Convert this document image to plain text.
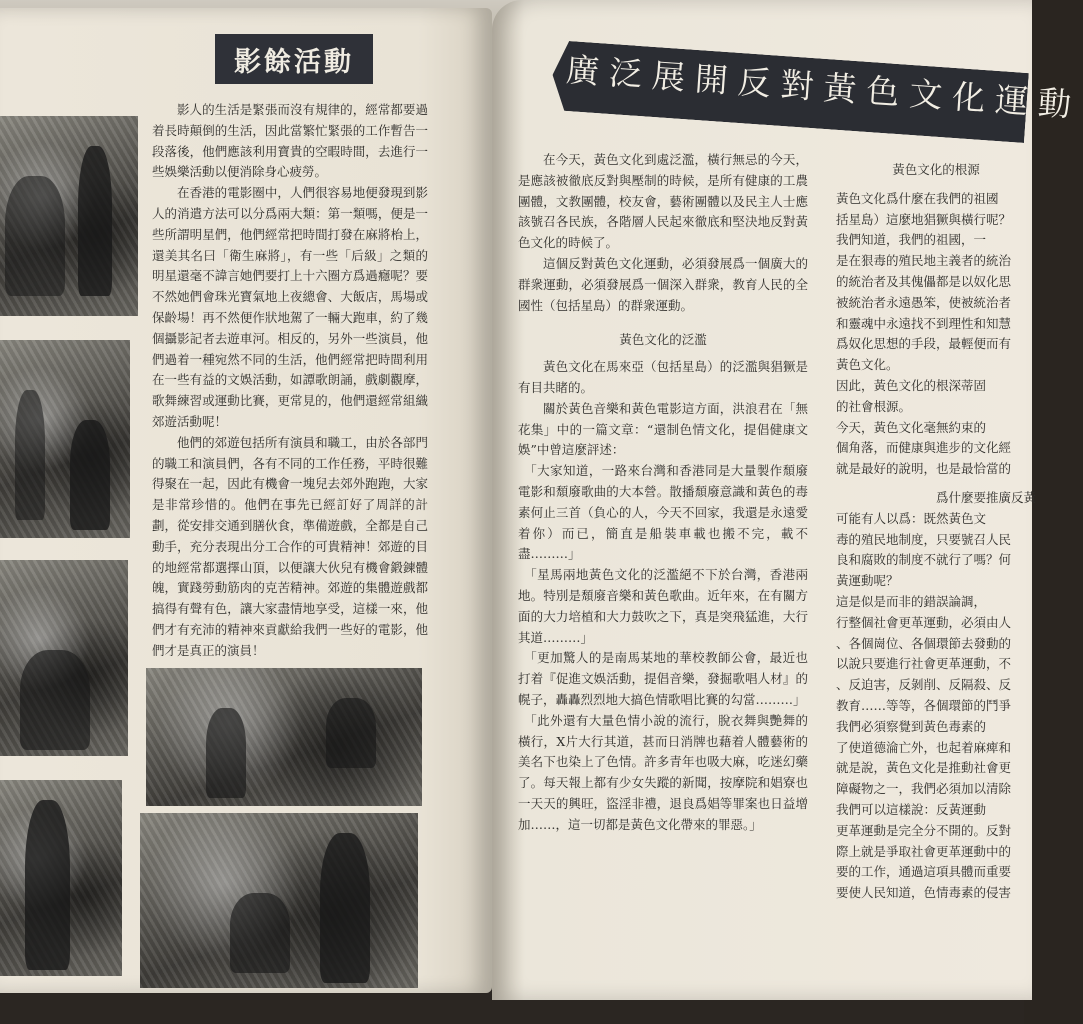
影餘活動

影人的生活是緊張而沒有規律的，經常都要過着長時顛倒的生活，因此當繁忙緊張的工作暫告一段落後，他們應該利用寶貴的空暇時間，去進行一些娛樂活動以便消除身心疲勞。

在香港的電影圈中，人們很容易地便發現到影人的消遣方法可以分爲兩大類：第一類嗎，便是一些所謂明星們，他們經常把時間打發在麻將枱上，還美其名曰「衛生麻將」，有一些「后級」之類的明星還毫不諱言她們要打上十六圈方爲過癮呢？要不然她們會珠光寶氣地上夜總會、大飯店，馬場或保齡場！再不然便作狀地駕了一輛大跑車，約了幾個攝影記者去遊車河。相反的，另外一些演員，他們過着一種宛然不同的生活，他們經常把時間利用在一些有益的文娛活動，如譚歌朗誦，戲劇觀摩，歌舞練習或運動比賽，更常見的，他們還經常組織郊遊活動呢！

他們的郊遊包括所有演員和職工，由於各部門的職工和演員們，各有不同的工作任務，平時很難得聚在一起，因此有機會一塊兒去郊外跑跑，大家是非常珍惜的。他們在事先已經訂好了周詳的計劃，從安排交通到膳伙食，準備遊戲，全都是自己動手，充分表現出分工合作的可貴精神！郊遊的目的地經常都選擇山頂，以便讓大伙兒有機會鍛鍊體魄，實踐勞動筋肉的克苦精神。郊遊的集體遊戲都搞得有聲有色，讓大家盡情地享受，這樣一來，他們才有充沛的精神來貢獻給我們一些好的電影，他們才是真正的演員！

廣泛展開反對黃色文化運動

在今天，黃色文化到處泛濫，橫行無忌的今天，是應該被徹底反對與壓制的時候，是所有健康的工農團體，文教團體，校友會，藝術團體以及民主人士應該號召各民族，各階層人民起來徹底和堅決地反對黃色文化的時候了。

這個反對黃色文化運動，必須發展爲一個廣大的群衆運動，必須發展爲一個深入群衆，教育人民的全國性（包括星島）的群衆運動。

黃色文化的泛濫

黃色文化在馬來亞（包括星島）的泛濫與猖獗是有目共睹的。

關於黃色音樂和黃色電影這方面，洪浪君在「無花集」中的一篇文章：“還制色情文化，提倡健康文娛”中曾這麼評述：

「大家知道，一路來台灣和香港同是大量製作頹廢電影和頹廢歌曲的大本營。散播頹廢意識和黃色的毒素何止三首（負心的人，今天不回家，我還是永遠愛着你）而已，簡直是船裝車載也搬不完，載不盡………」

「星馬兩地黃色文化的泛濫絕不下於台灣，香港兩地。特別是頹廢音樂和黃色歌曲。近年來，在有關方面的大力培植和大力鼓吹之下，真是突飛猛進，大行其道………」

「更加驚人的是南馬某地的華校教師公會，最近也打着『促進文娛活動，提倡音樂，發掘歌唱人材』的幌子，轟轟烈烈地大搞色情歌唱比賽的勾當………」

「此外還有大量色情小說的流行，脫衣舞與艷舞的橫行，X片大行其道，甚而日消牌也藉着人體藝術的美名下也染上了色情。許多青年也吸大麻，吃迷幻藥了。每天報上都有少女失蹤的新聞，按摩院和娼寮也一天天的興旺，盜淫非禮，退良爲娼等罪案也日益增加……，這一切都是黃色文化帶來的罪惡。」

黃色文化的根源

黃色文化爲什麼在我們的祖國

括星島）這麼地猖獗與橫行呢？

我們知道，我們的祖國，一

是在狠毒的殖民地主義者的統治

的統治者及其傀儡都是以奴化思

被統治者永遠愚笨，使被統治者

和靈魂中永遠找不到理性和知慧

爲奴化思想的手段，最輕便而有

黃色文化。

因此，黃色文化的根深蒂固

的社會根源。

今天，黃色文化毫無約束的

個角落，而健康與進步的文化經

就是最好的說明，也是最恰當的

爲什麼要推廣反黃

可能有人以爲：既然黃色文

毒的殖民地制度，只要號召人民

良和腐敗的制度不就行了嗎？何

黃運動呢？

這是似是而非的錯誤論調，

行整個社會更革運動，必須由人

、各個崗位、各個環節去發動的

以說只要進行社會更革運動，不

、反迫害，反剝削、反隔殺、反

教育……等等，各個環節的鬥爭

我們必須察覺到黃色毒素的

了使道德淪亡外，也起着麻痺和

就是說，黃色文化是推動社會更

障礙物之一，我們必須加以清除

我們可以這樣說：反黃運動

更革運動是完全分不開的。反對

際上就是爭取社會更革運動中的

要的工作，通過這項具體而重要

要使人民知道，色情毒素的侵害
